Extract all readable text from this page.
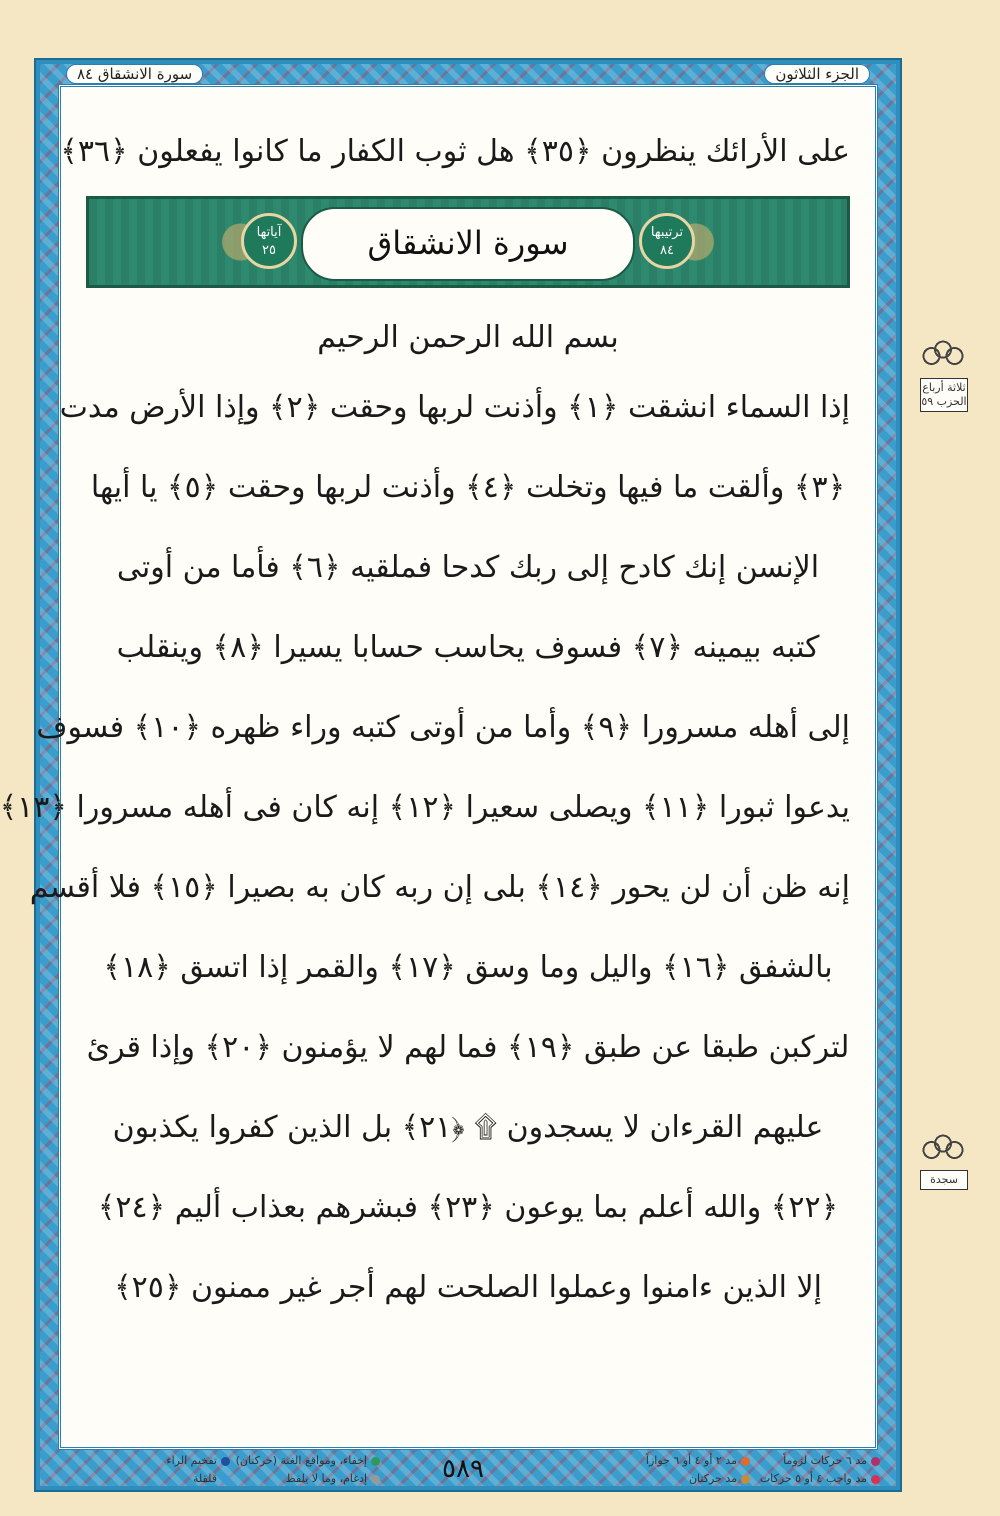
الجزء الثلاثون
سورة الانشقاق ٨٤
على الأرائك ينظرون ﴿٣٥﴾ هل ثوب الكفار ما كانوا يفعلون ﴿٣٦﴾
آياتها
٢٥	سورة الانشقاق	ترتيبها
٨٤
بسم الله الرحمن الرحيم
إذا السماء انشقت ﴿١﴾ وأذنت لربها وحقت ﴿٢﴾ وإذا الأرض مدت
﴿٣﴾ وألقت ما فيها وتخلت ﴿٤﴾ وأذنت لربها وحقت ﴿٥﴾ يا أيها
الإنسن إنك كادح إلى ربك كدحا فملقيه ﴿٦﴾ فأما من أوتى
كتبه بيمينه ﴿٧﴾ فسوف يحاسب حسابا يسيرا ﴿٨﴾ وينقلب
إلى أهله مسرورا ﴿٩﴾ وأما من أوتى كتبه وراء ظهره ﴿١٠﴾ فسوف
يدعوا ثبورا ﴿١١﴾ ويصلى سعيرا ﴿١٢﴾ إنه كان فى أهله مسرورا ﴿١٣﴾
إنه ظن أن لن يحور ﴿١٤﴾ بلى إن ربه كان به بصيرا ﴿١٥﴾ فلا أقسم
بالشفق ﴿١٦﴾ واليل وما وسق ﴿١٧﴾ والقمر إذا اتسق ﴿١٨﴾
لتركبن طبقا عن طبق ﴿١٩﴾ فما لهم لا يؤمنون ﴿٢٠﴾ وإذا قرئ
عليهم القرءان لا يسجدون ۩ ﴿٢١﴾ بل الذين كفروا يكذبون
﴿٢٢﴾ والله أعلم بما يوعون ﴿٢٣﴾ فبشرهم بعذاب أليم ﴿٢٤﴾
إلا الذين ءامنوا وعملوا الصلحت لهم أجر غير ممنون ﴿٢٥﴾
ثلاثة أرباع الحزب ٥٩
سجدة
مد ٦ حركات لزوماً
مد ٢ أو ٤ أو ٦ جوازاً
مد واجب ٤ أو ٥ حركات
مد حركتان
٥٨٩
إخفاء، ومواقع الغنة (حركتان)
إدغام، وما لا يلفظ
تفخيم الراء
قلقلة
